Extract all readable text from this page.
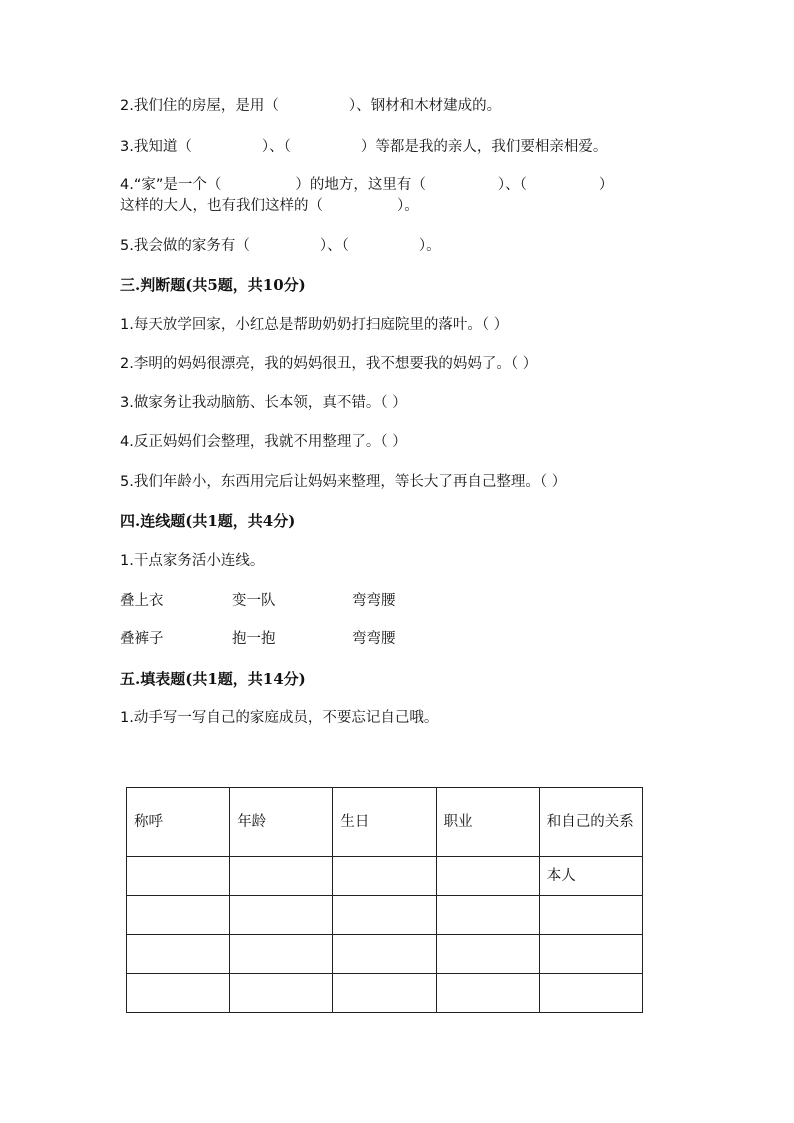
2.我们住的房屋，是用（	）、钢材和木材建成的。
3.我知道（	）、（	）等都是我的亲人，我们要相亲相爱。
4.“家”是一个（	）的地方，这里有（	）、（	）
这样的大人，也有我们这样的（	）。
5.我会做的家务有（	）、（	）。
三.判断题(共5题，共10分)
1.每天放学回家，小红总是帮助奶奶打扫庭院里的落叶。（ ）
2.李明的妈妈很漂亮，我的妈妈很丑，我不想要我的妈妈了。（ ）
3.做家务让我动脑筋、长本领，真不错。（ ）
4.反正妈妈们会整理，我就不用整理了。（ ）
5.我们年龄小，东西用完后让妈妈来整理，等长大了再自己整理。（ ）
四.连线题(共1题，共4分)
1.干点家务活小连线。
叠上衣	变一队	弯弯腰
叠裤子	抱一抱	弯弯腰
五.填表题(共1题，共14分)
1.动手写一写自己的家庭成员，不要忘记自己哦。
称呼	年龄	生日	职业	和自己的关系
				本人
